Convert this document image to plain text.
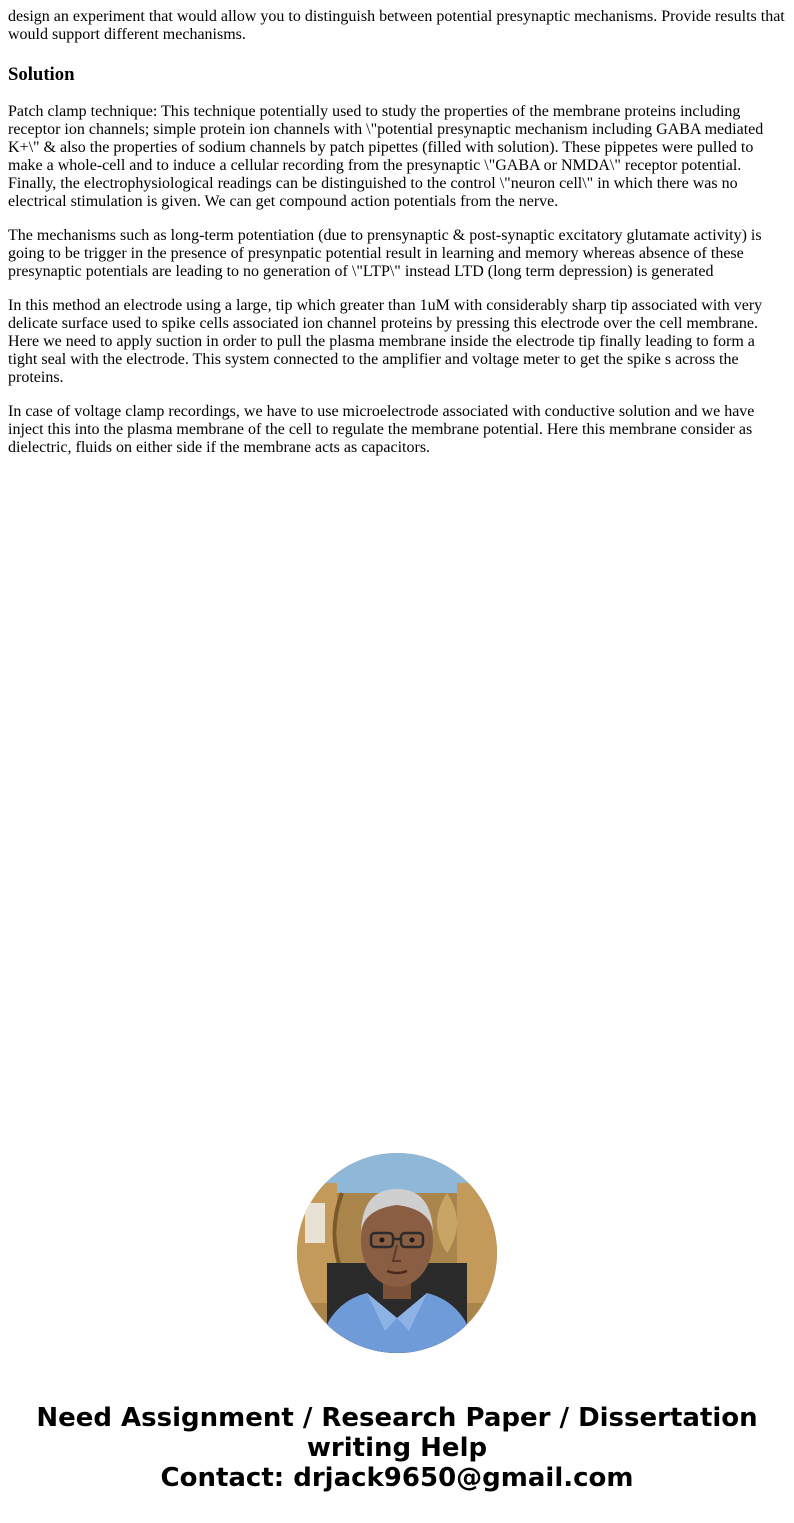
design an experiment that would allow you to distinguish between potential presynaptic mechanisms. Provide results that would support different mechanisms.

Solution

Patch clamp technique: This technique potentially used to study the properties of the membrane proteins including receptor ion channels; simple protein ion channels with \"potential presynaptic mechanism including GABA mediated K+\" & also the properties of sodium channels by patch pipettes (filled with solution). These pippetes were pulled to make a whole-cell and to induce a cellular recording from the presynaptic \"GABA or NMDA\" receptor potential. Finally, the electrophysiological readings can be distinguished to the control \"neuron cell\" in which there was no electrical stimulation is given. We can get compound action potentials from the nerve.

The mechanisms such as long-term potentiation (due to prensynaptic & post-synaptic excitatory glutamate activity) is going to be trigger in the presence of presynpatic potential result in learning and memory whereas absence of these presynaptic potentials are leading to no generation of \"LTP\" instead LTD (long term depression) is generated

In this method an electrode using a large, tip which greater than 1uM with considerably sharp tip associated with very delicate surface used to spike cells associated ion channel proteins by pressing this electrode over the cell membrane. Here we need to apply suction in order to pull the plasma membrane inside the electrode tip finally leading to form a tight seal with the electrode. This system connected to the amplifier and voltage meter to get the spike s across the proteins.

In case of voltage clamp recordings, we have to use microelectrode associated with conductive solution and we have inject this into the plasma membrane of the cell to regulate the membrane potential. Here this membrane consider as dielectric, fluids on either side if the membrane acts as capacitors.

Need Assignment / Research Paper / Dissertation
writing Help
Contact: drjack9650@gmail.com
